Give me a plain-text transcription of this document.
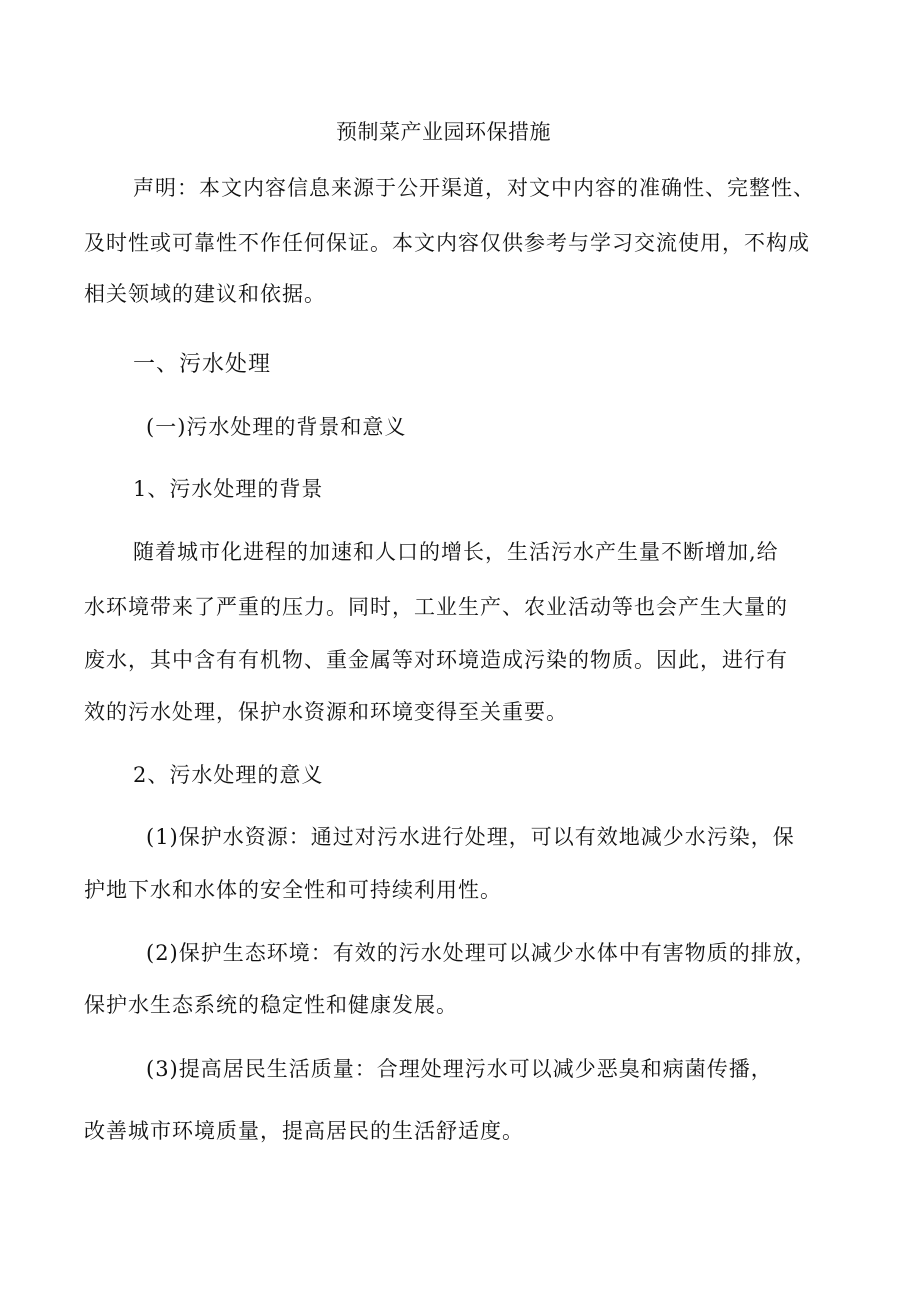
预制菜产业园环保措施
声明：本文内容信息来源于公开渠道，对文中内容的准确性、完整性、
及时性或可靠性不作任何保证。本文内容仅供参考与学习交流使用，不构成
相关领域的建议和依据。
一、污水处理
(一)污水处理的背景和意义
1、污水处理的背景
随着城市化进程的加速和人口的增长，生活污水产生量不断增加,给
水环境带来了严重的压力。同时，工业生产、农业活动等也会产生大量的
废水，其中含有有机物、重金属等对环境造成污染的物质。因此，进行有
效的污水处理，保护水资源和环境变得至关重要。
2、污水处理的意义
(1)保护水资源：通过对污水进行处理，可以有效地减少水污染，保
护地下水和水体的安全性和可持续利用性。
(2)保护生态环境：有效的污水处理可以减少水体中有害物质的排放，
保护水生态系统的稳定性和健康发展。
(3)提高居民生活质量：合理处理污水可以减少恶臭和病菌传播，
改善城市环境质量，提高居民的生活舒适度。
